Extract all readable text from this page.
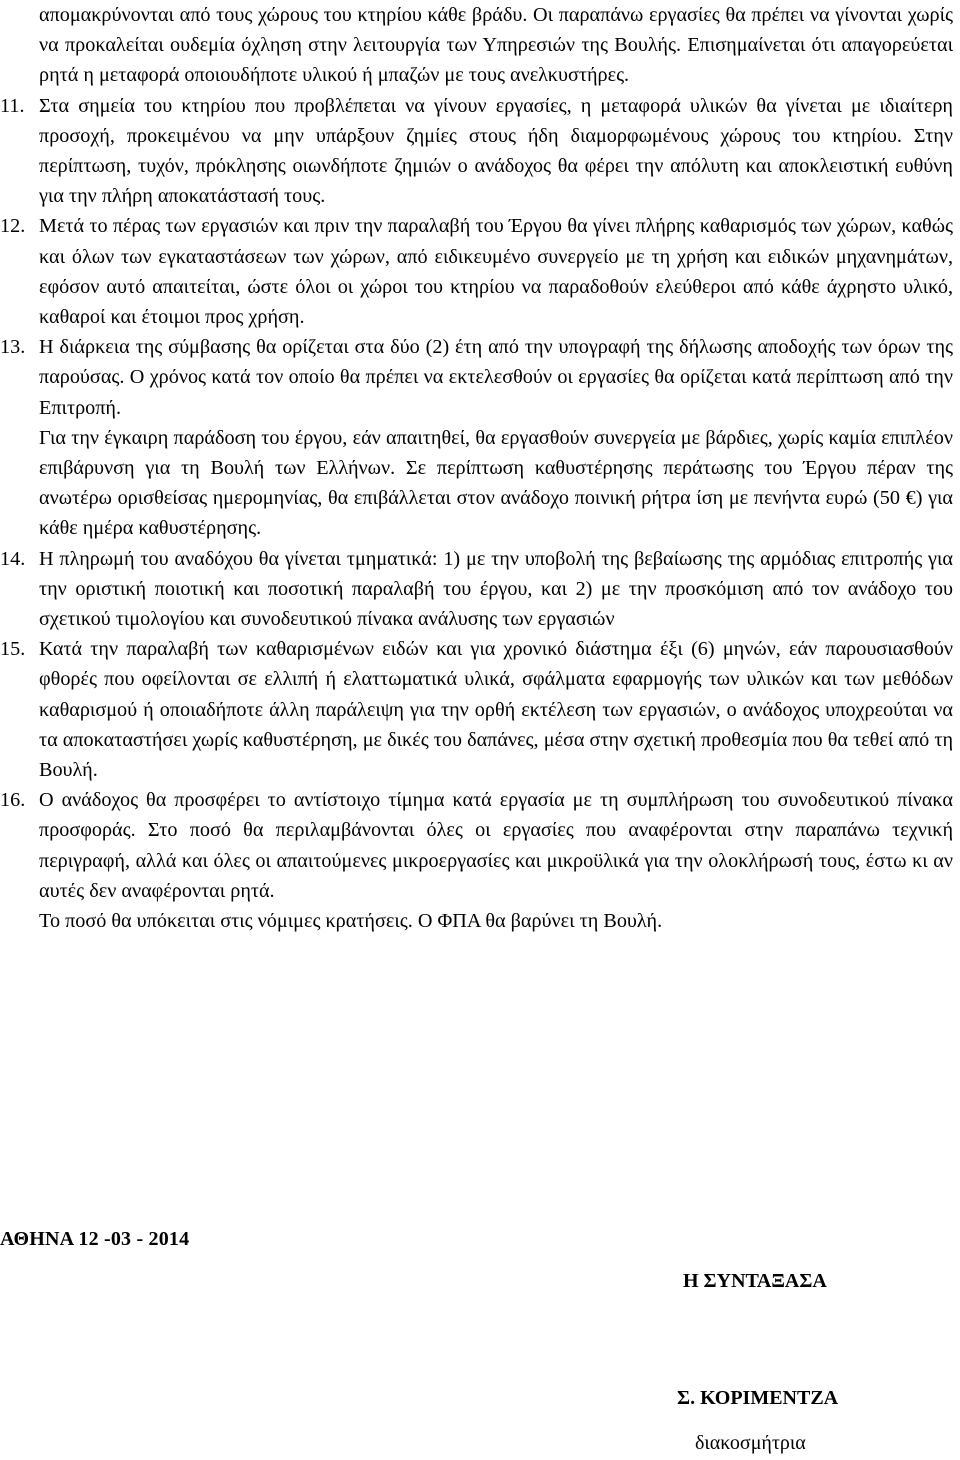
απομακρύνονται από τους χώρους του κτηρίου κάθε βράδυ. Οι παραπάνω εργασίες θα πρέπει να γίνονται χωρίς να προκαλείται ουδεμία όχληση στην λειτουργία των Υπηρεσιών της Βουλής. Επισημαίνεται ότι απαγορεύεται ρητά η μεταφορά οποιουδήποτε υλικού ή μπαζών με τους ανελκυστήρες.

11. Στα σημεία του κτηρίου που προβλέπεται να γίνουν εργασίες, η μεταφορά υλικών θα γίνεται με ιδιαίτερη προσοχή, προκειμένου να μην υπάρξουν ζημίες στους ήδη διαμορφωμένους χώρους του κτηρίου. Στην περίπτωση, τυχόν, πρόκλησης οιωνδήποτε ζημιών ο ανάδοχος θα φέρει την απόλυτη και αποκλειστική ευθύνη για την πλήρη αποκατάστασή τους.
12. Μετά το πέρας των εργασιών και πριν την παραλαβή του Έργου θα γίνει πλήρης καθαρισμός των χώρων, καθώς και όλων των εγκαταστάσεων των χώρων, από ειδικευμένο συνεργείο με τη χρήση και ειδικών μηχανημάτων, εφόσον αυτό απαιτείται, ώστε όλοι οι χώροι του κτηρίου να παραδοθούν ελεύθεροι από κάθε άχρηστο υλικό, καθαροί και έτοιμοι προς χρήση.
13. Η διάρκεια της σύμβασης θα ορίζεται στα δύο (2) έτη από την υπογραφή της δήλωσης αποδοχής των όρων της παρούσας. Ο χρόνος κατά τον οποίο θα πρέπει να εκτελεσθούν οι εργασίες θα ορίζεται κατά περίπτωση από την Επιτροπή.

Για την έγκαιρη παράδοση του έργου, εάν απαιτηθεί, θα εργασθούν συνεργεία με βάρδιες, χωρίς καμία επιπλέον επιβάρυνση για τη Βουλή των Ελλήνων. Σε περίπτωση καθυστέρησης περάτωσης του Έργου πέραν της ανωτέρω ορισθείσας ημερομηνίας, θα επιβάλλεται στον ανάδοχο ποινική ρήτρα ίση με πενήντα ευρώ (50 €) για κάθε ημέρα καθυστέρησης.

14. Η πληρωμή του αναδόχου θα γίνεται τμηματικά: 1) με την υποβολή της βεβαίωσης της αρμόδιας επιτροπής για την οριστική ποιοτική και ποσοτική παραλαβή του έργου, και 2) με την προσκόμιση από τον ανάδοχο του σχετικού τιμολογίου και συνοδευτικού πίνακα ανάλυσης των εργασιών
15. Κατά την παραλαβή των καθαρισμένων ειδών και για χρονικό διάστημα έξι (6) μηνών, εάν παρουσιασθούν φθορές που οφείλονται σε ελλιπή ή ελαττωματικά υλικά, σφάλματα εφαρμογής των υλικών και των μεθόδων καθαρισμού ή οποιαδήποτε άλλη παράλειψη για την ορθή εκτέλεση των εργασιών, ο ανάδοχος υποχρεούται να τα αποκαταστήσει χωρίς καθυστέρηση, με δικές του δαπάνες, μέσα στην σχετική προθεσμία που θα τεθεί από τη Βουλή.
16. Ο ανάδοχος θα προσφέρει το αντίστοιχο τίμημα κατά εργασία με τη συμπλήρωση του συνοδευτικού πίνακα προσφοράς. Στο ποσό θα περιλαμβάνονται όλες οι εργασίες που αναφέρονται στην παραπάνω τεχνική περιγραφή, αλλά και όλες οι απαιτούμενες μικροεργασίες και μικροϋλικά για την ολοκλήρωσή τους, έστω κι αν αυτές δεν αναφέρονται ρητά.

Το ποσό θα υπόκειται στις νόμιμες κρατήσεις. Ο ΦΠΑ θα βαρύνει τη Βουλή.

ΑΘΗΝΑ 12 -03 - 2014
Η ΣΥΝΤΑΞΑΣΑ
Σ. ΚΟΡΙΜΕΝΤΖΑ
διακοσμήτρια
